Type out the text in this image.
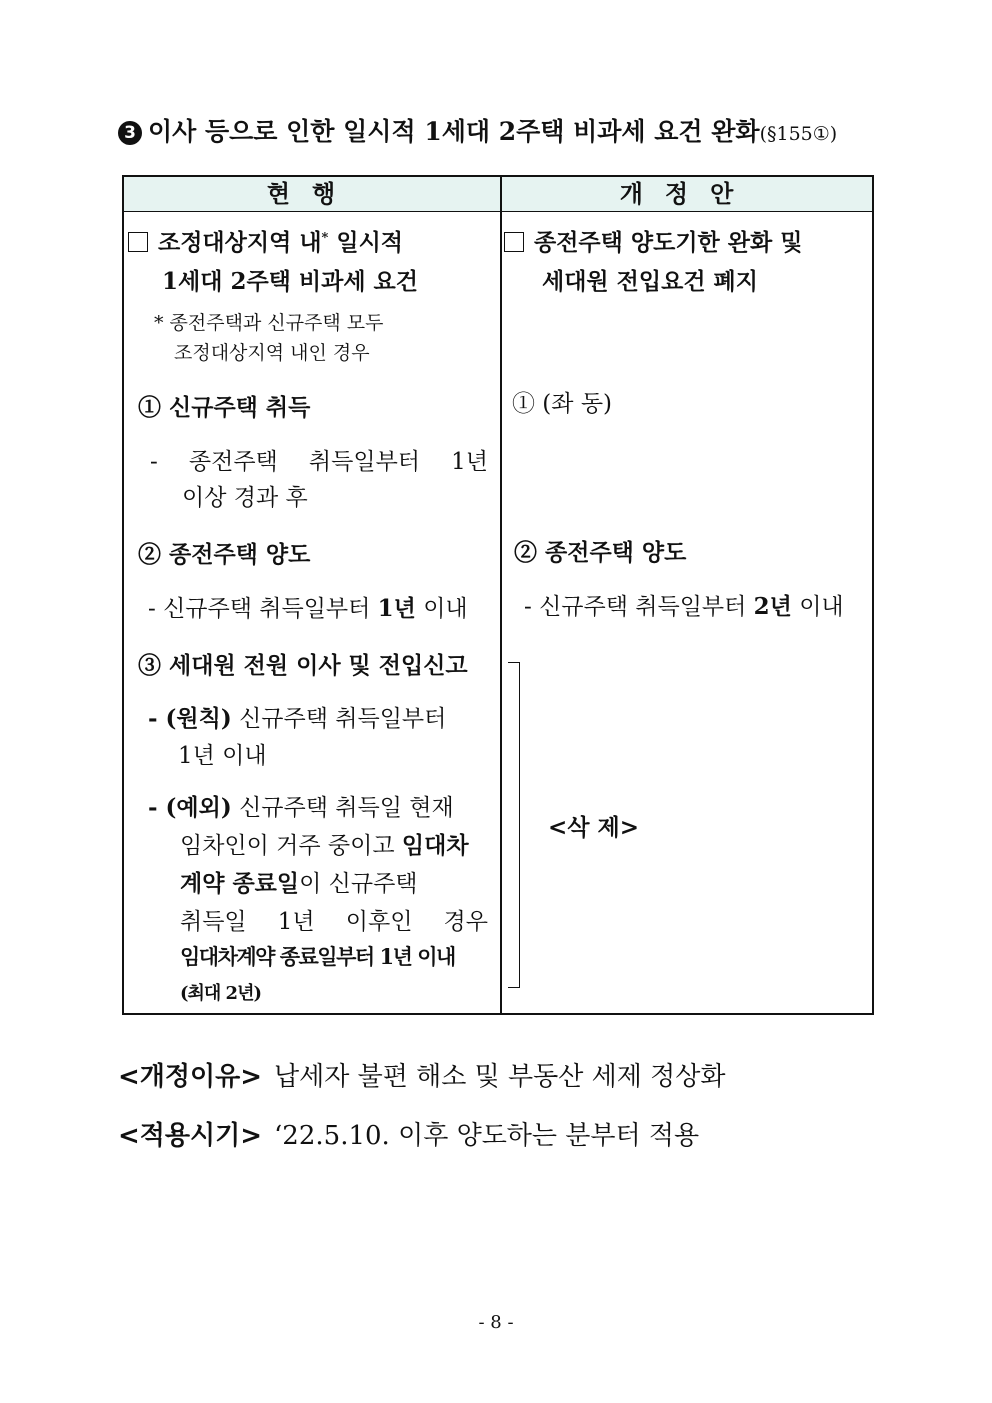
3 이사 등으로 인한 일시적 1세대 2주택 비과세 요건 완화(§155①)
현행	개정안
조정대상지역 내* 일시적
1세대 2주택 비과세 요건
* 종전주택과 신규주택 모두
조정대상지역 내인 경우
① 신규주택 취득
- 종전주택 취득일부터 1년
이상 경과 후
② 종전주택 양도
- 신규주택 취득일부터 1년 이내
③ 세대원 전원 이사 및 전입신고
- (원칙) 신규주택 취득일부터
1년 이내
- (예외) 신규주택 취득일 현재
임차인이 거주 중이고 임대차
계약 종료일이 신규주택
취득일 1년 이후인 경우
임대차계약 종료일부터 1년 이내
(최대 2년)
종전주택 양도기한 완화 및
세대원 전입요건 폐지
① (좌 동)
② 종전주택 양도
- 신규주택 취득일부터 2년 이내
<삭 제>
<개정이유> 납세자 불편 해소 및 부동산 세제 정상화
<적용시기> ‘22.5.10. 이후 양도하는 분부터 적용
- 8 -
